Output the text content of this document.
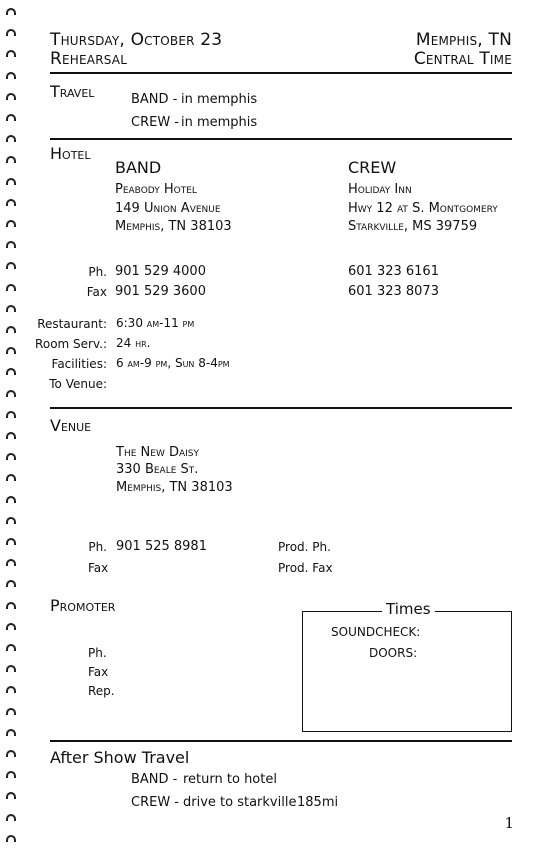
Thursday, October 23
Rehearsal
Memphis, TN
Central Time
Travel	BAND - in memphis
CREW - in memphis
Hotel
BAND
Peabody Hotel
149 Union Avenue
Memphis, TN 38103
CREW
Holiday Inn
Hwy 12 at S. Montgomery
Starkville, MS 39759
Ph. 901 529 4000	601 323 6161
Fax 901 529 3600	601 323 8073
Restaurant: 6:30 am-11 pm
Room Serv.: 24 hr.
Facilities: 6 am-9 pm, Sun 8-4pm
To Venue:
Venue
The New Daisy
330 Beale St.
Memphis, TN 38103
Ph. 901 525 8981
Fax
Prod. Ph.
Prod. Fax
Promoter
Ph.
Fax
Rep.
Times
SOUNDCHECK:
DOORS:
After Show Travel
BAND - return to hotel
CREW - drive to starkville 185mi
1
